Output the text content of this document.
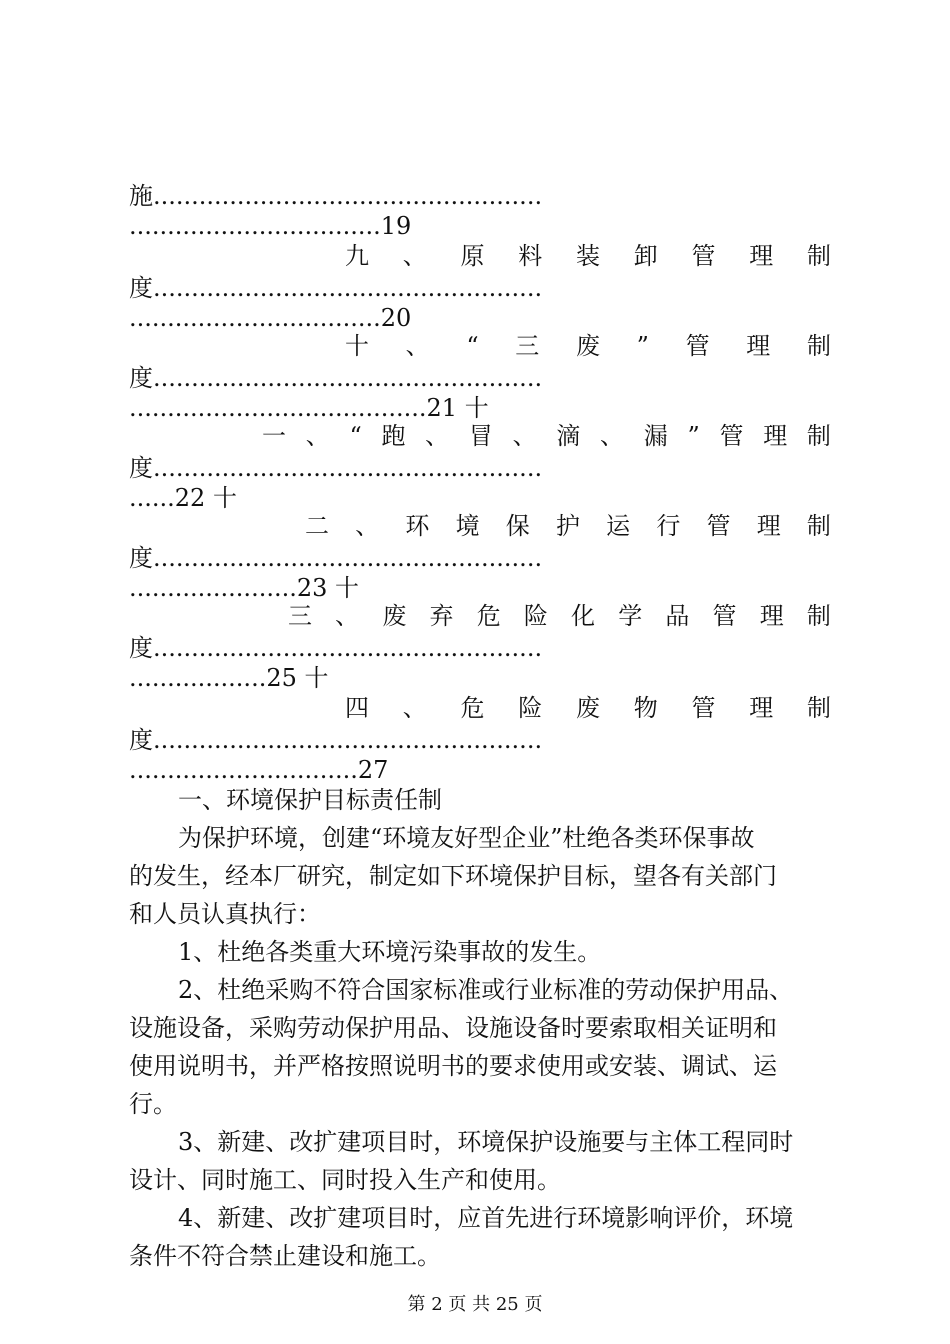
施...................................................
.................................19
九 、 原 料 装 卸 管 理 制
度...................................................
.................................20
十 、 “ 三 废 ” 管 理 制
度...................................................
.......................................21 十
一 、 “ 跑 、 冒 、 滴 、 漏 ” 管 理 制
度...................................................
......22 十
二 、 环 境 保 护 运 行 管 理 制
度...................................................
......................23 十
三 、 废 弃 危 险 化 学 品 管 理 制
度...................................................
..................25 十
四 、 危 险 废 物 管 理 制
度...................................................
..............................27
一、环境保护目标责任制
为保护环境，创建“环境友好型企业”杜绝各类环保事故
的发生，经本厂研究，制定如下环境保护目标，望各有关部门
和人员认真执行：
1、杜绝各类重大环境污染事故的发生。
2、杜绝采购不符合国家标准或行业标准的劳动保护用品、
设施设备，采购劳动保护用品、设施设备时要索取相关证明和
使用说明书，并严格按照说明书的要求使用或安装、调试、运
行。
3、新建、改扩建项目时，环境保护设施要与主体工程同时
设计、同时施工、同时投入生产和使用。
4、新建、改扩建项目时，应首先进行环境影响评价，环境
条件不符合禁止建设和施工。
第 2 页 共 25 页
